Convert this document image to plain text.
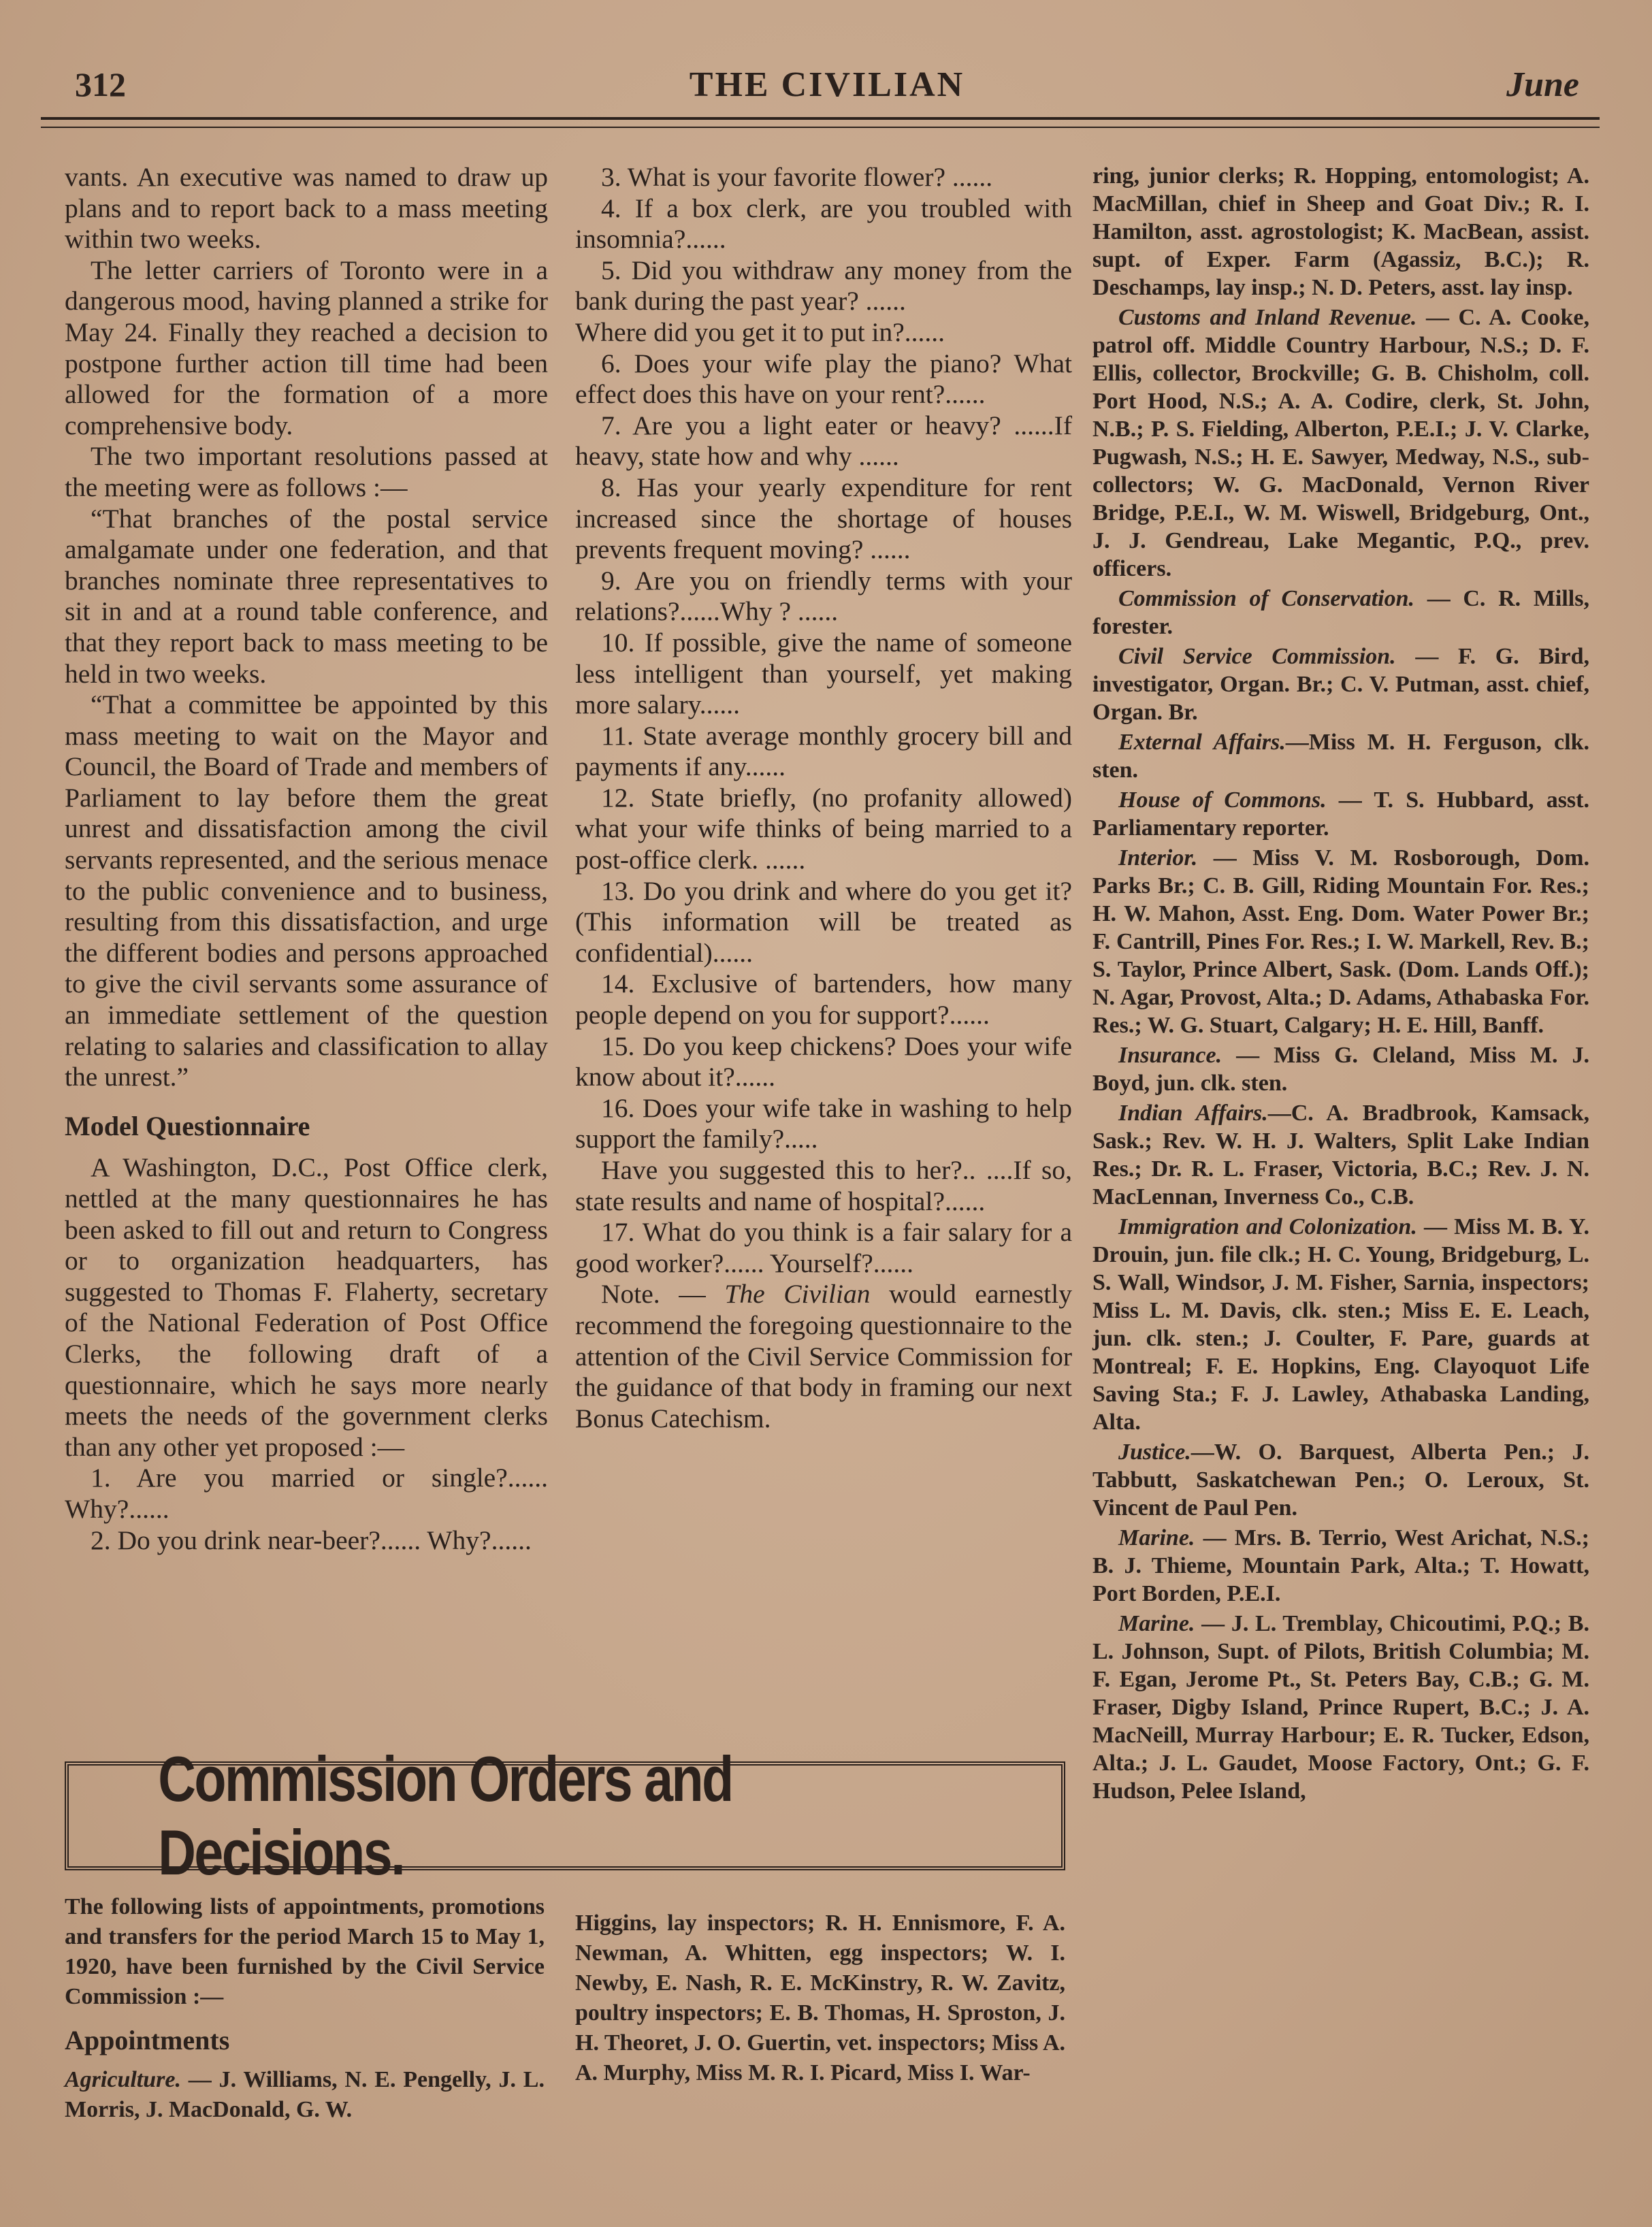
312	THE CIVILIAN	June

vants. An executive was named to draw up plans and to report back to a mass meeting within two weeks.

The letter carriers of Toronto were in a dangerous mood, having planned a strike for May 24. Finally they reached a decision to postpone further action till time had been allowed for the formation of a more comprehensive body.

The two important resolutions passed at the meeting were as follows :—

“That branches of the postal service amalgamate under one federation, and that branches nominate three representatives to sit in and at a round table conference, and that they report back to mass meeting to be held in two weeks.

“That a committee be appointed by this mass meeting to wait on the Mayor and Council, the Board of Trade and members of Parliament to lay before them the great unrest and dissatisfaction among the civil servants represented, and the serious menace to the public convenience and to business, resulting from this dissatisfaction, and urge the different bodies and persons approached to give the civil servants some assurance of an immediate settlement of the question relating to salaries and classification to allay the unrest.”

Model Questionnaire

A Washington, D.C., Post Office clerk, nettled at the many questionnaires he has been asked to fill out and return to Congress or to organization headquarters, has suggested to Thomas F. Flaherty, secretary of the National Federation of Post Office Clerks, the following draft of a questionnaire, which he says more nearly meets the needs of the government clerks than any other yet proposed :—

1. Are you married or single?...... Why?......

2. Do you drink near-beer?...... Why?......

3. What is your favorite flower? ......

4. If a box clerk, are you troubled with insomnia?......

5. Did you withdraw any money from the bank during the past year? ......

Where did you get it to put in?......

6. Does your wife play the piano? What effect does this have on your rent?......

7. Are you a light eater or heavy? ......If heavy, state how and why ......

8. Has your yearly expenditure for rent increased since the shortage of houses prevents frequent moving? ......

9. Are you on friendly terms with your relations?......Why ? ......

10. If possible, give the name of someone less intelligent than yourself, yet making more salary......

11. State average monthly grocery bill and payments if any......

12. State briefly, (no profanity allowed) what your wife thinks of being married to a post-office clerk. ......

13. Do you drink and where do you get it? (This information will be treated as confidential)......

14. Exclusive of bartenders, how many people depend on you for support?......

15. Do you keep chickens? Does your wife know about it?......

16. Does your wife take in washing to help support the family?.....

Have you suggested this to her?.. ....If so, state results and name of hospital?......

17. What do you think is a fair salary for a good worker?...... Yourself?......

Note. — The Civilian would earnestly recommend the foregoing questionnaire to the attention of the Civil Service Commission for the guidance of that body in framing our next Bonus Catechism.

ring, junior clerks; R. Hopping, entomologist; A. MacMillan, chief in Sheep and Goat Div.; R. I. Hamilton, asst. agrostologist; K. MacBean, assist. supt. of Exper. Farm (Agassiz, B.C.); R. Deschamps, lay insp.; N. D. Peters, asst. lay insp.

Customs and Inland Revenue. — C. A. Cooke, patrol off. Middle Country Harbour, N.S.; D. F. Ellis, collector, Brockville; G. B. Chisholm, coll. Port Hood, N.S.; A. A. Codire, clerk, St. John, N.B.; P. S. Fielding, Alberton, P.E.I.; J. V. Clarke, Pugwash, N.S.; H. E. Sawyer, Medway, N.S., sub-collectors; W. G. MacDonald, Vernon River Bridge, P.E.I., W. M. Wiswell, Bridgeburg, Ont., J. J. Gendreau, Lake Megantic, P.Q., prev. officers.

Commission of Conservation. — C. R. Mills, forester.

Civil Service Commission. — F. G. Bird, investigator, Organ. Br.; C. V. Putman, asst. chief, Organ. Br.

External Affairs.—Miss M. H. Ferguson, clk. sten.

House of Commons. — T. S. Hubbard, asst. Parliamentary reporter.

Interior. — Miss V. M. Rosborough, Dom. Parks Br.; C. B. Gill, Riding Mountain For. Res.; H. W. Mahon, Asst. Eng. Dom. Water Power Br.; F. Cantrill, Pines For. Res.; I. W. Markell, Rev. B.; S. Taylor, Prince Albert, Sask. (Dom. Lands Off.); N. Agar, Provost, Alta.; D. Adams, Athabaska For. Res.; W. G. Stuart, Calgary; H. E. Hill, Banff.

Insurance. — Miss G. Cleland, Miss M. J. Boyd, jun. clk. sten.

Indian Affairs.—C. A. Bradbrook, Kamsack, Sask.; Rev. W. H. J. Walters, Split Lake Indian Res.; Dr. R. L. Fraser, Victoria, B.C.; Rev. J. N. MacLennan, Inverness Co., C.B.

Immigration and Colonization. — Miss M. B. Y. Drouin, jun. file clk.; H. C. Young, Bridgeburg, L. S. Wall, Windsor, J. M. Fisher, Sarnia, inspectors; Miss L. M. Davis, clk. sten.; Miss E. E. Leach, jun. clk. sten.; J. Coulter, F. Pare, guards at Montreal; F. E. Hopkins, Eng. Clayoquot Life Saving Sta.; F. J. Lawley, Athabaska Landing, Alta.

Justice.—W. O. Barquest, Alberta Pen.; J. Tabbutt, Saskatchewan Pen.; O. Leroux, St. Vincent de Paul Pen.

Marine. — Mrs. B. Terrio, West Arichat, N.S.; B. J. Thieme, Mountain Park, Alta.; T. Howatt, Port Borden, P.E.I.

Marine. — J. L. Tremblay, Chicoutimi, P.Q.; B. L. Johnson, Supt. of Pilots, British Columbia; M. F. Egan, Jerome Pt., St. Peters Bay, C.B.; G. M. Fraser, Digby Island, Prince Rupert, B.C.; J. A. MacNeill, Murray Harbour; E. R. Tucker, Edson, Alta.; J. L. Gaudet, Moose Factory, Ont.; G. F. Hudson, Pelee Island,

Commission Orders and Decisions.

The following lists of appointments, promotions and transfers for the period March 15 to May 1, 1920, have been furnished by the Civil Service Commission :—

Appointments

Agriculture. — J. Williams, N. E. Pengelly, J. L. Morris, J. MacDonald, G. W.

Higgins, lay inspectors; R. H. Ennismore, F. A. Newman, A. Whitten, egg inspectors; W. I. Newby, E. Nash, R. E. McKinstry, R. W. Zavitz, poultry inspectors; E. B. Thomas, H. Sproston, J. H. Theoret, J. O. Guertin, vet. inspectors; Miss A. A. Murphy, Miss M. R. I. Picard, Miss I. War-
